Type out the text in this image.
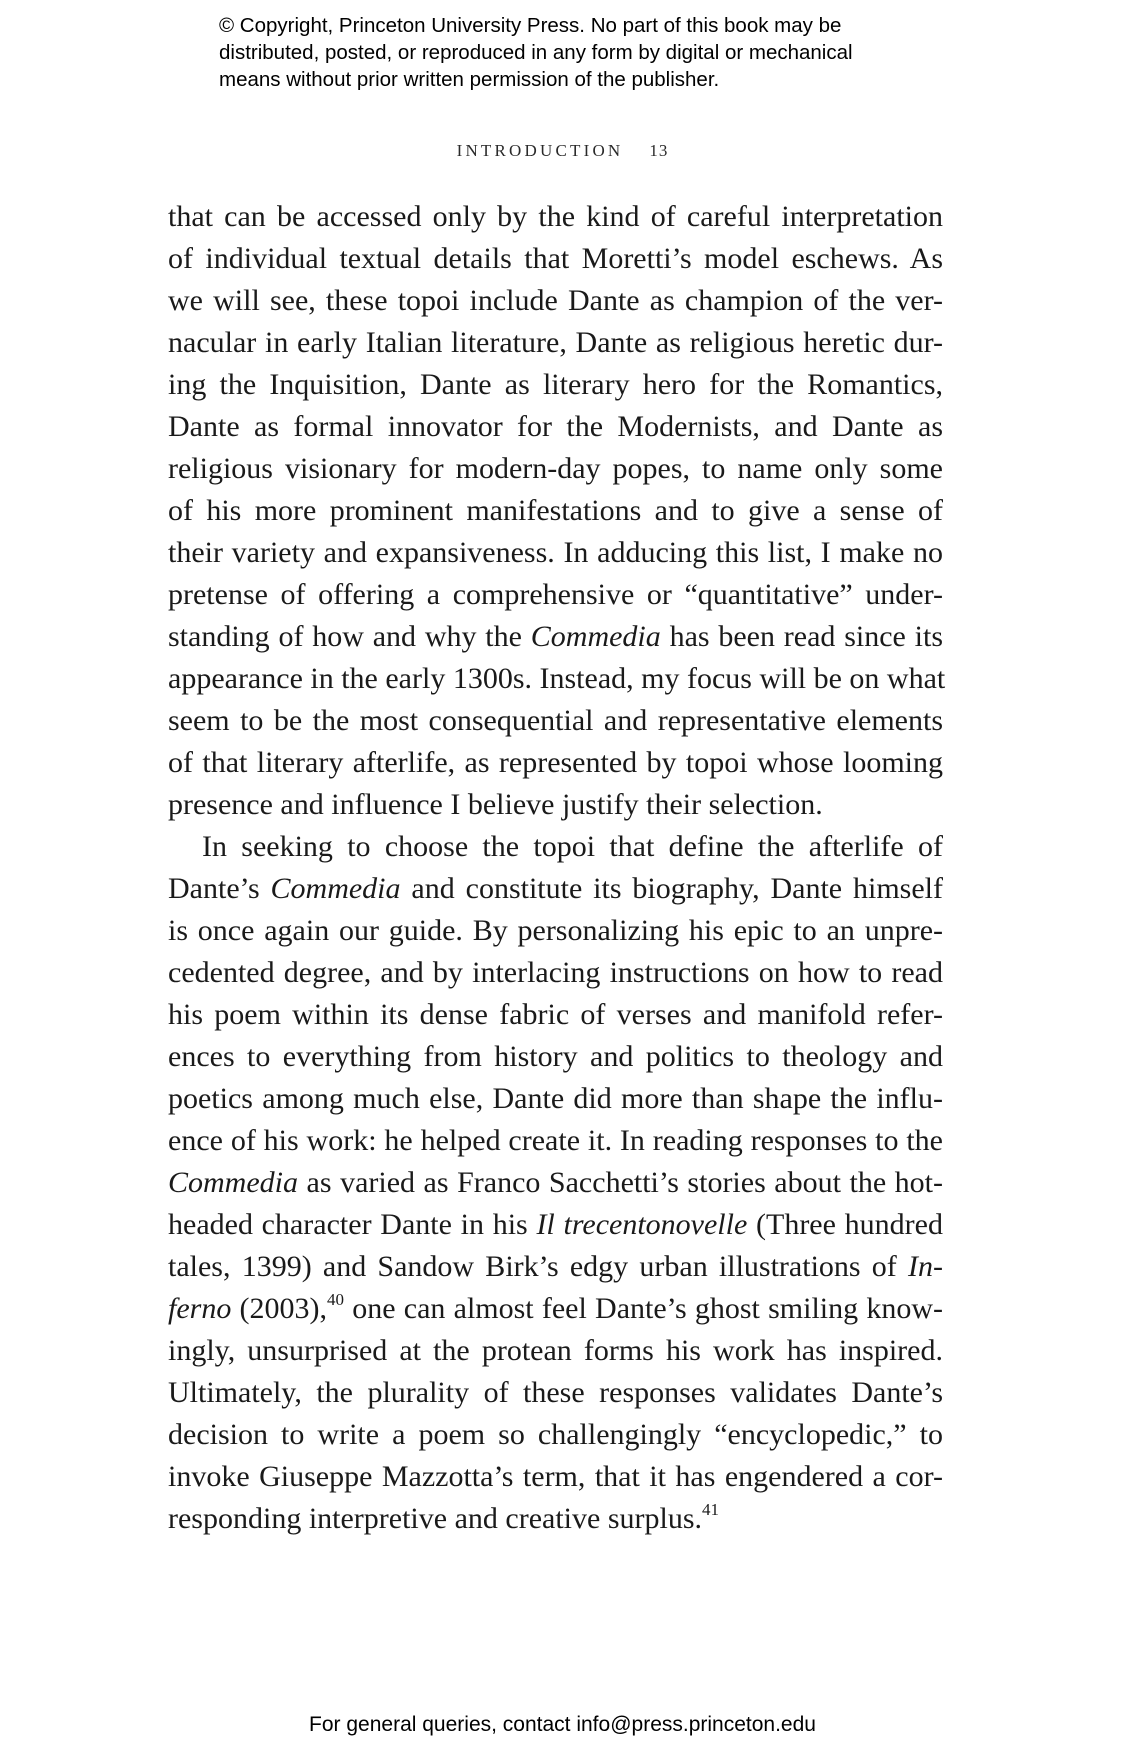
© Copyright, Princeton University Press. No part of this book may be
distributed, posted, or reproduced in any form by digital or mechanical
means without prior written permission of the publisher.
INTRODUCTION 13
that can be accessed only by the kind of careful interpretation
of individual textual details that Moretti’s model eschews. As
we will see, these topoi include Dante as champion of the ver-
nacular in early Italian literature, Dante as religious heretic dur-
ing the Inquisition, Dante as literary hero for the Romantics,
Dante as formal innovator for the Modernists, and Dante as
religious visionary for modern-day popes, to name only some
of his more prominent manifestations and to give a sense of
their variety and expansiveness. In adducing this list, I make no
pretense of offering a comprehensive or “quantitative” under-
standing of how and why the Commedia has been read since its
appearance in the early 1300s. Instead, my focus will be on what
seem to be the most consequential and representative elements
of that literary afterlife, as represented by topoi whose looming
presence and influence I believe justify their selection.
In seeking to choose the topoi that define the afterlife of
Dante’s Commedia and constitute its biography, Dante himself
is once again our guide. By personalizing his epic to an unpre-
cedented degree, and by interlacing instructions on how to read
his poem within its dense fabric of verses and manifold refer-
ences to everything from history and politics to theology and
poetics among much else, Dante did more than shape the influ-
ence of his work: he helped create it. In reading responses to the
Commedia as varied as Franco Sacchetti’s stories about the hot-
headed character Dante in his Il trecentonovelle (Three hundred
tales, 1399) and Sandow Birk’s edgy urban illustrations of In-
ferno (2003),$^{40}$ one can almost feel Dante’s ghost smiling know-
ingly, unsurprised at the protean forms his work has inspired.
Ultimately, the plurality of these responses validates Dante’s
decision to write a poem so challengingly “encyclopedic,” to
invoke Giuseppe Mazzotta’s term, that it has engendered a cor-
responding interpretive and creative surplus.$^{41}$
For general queries, contact info@press.princeton.edu
